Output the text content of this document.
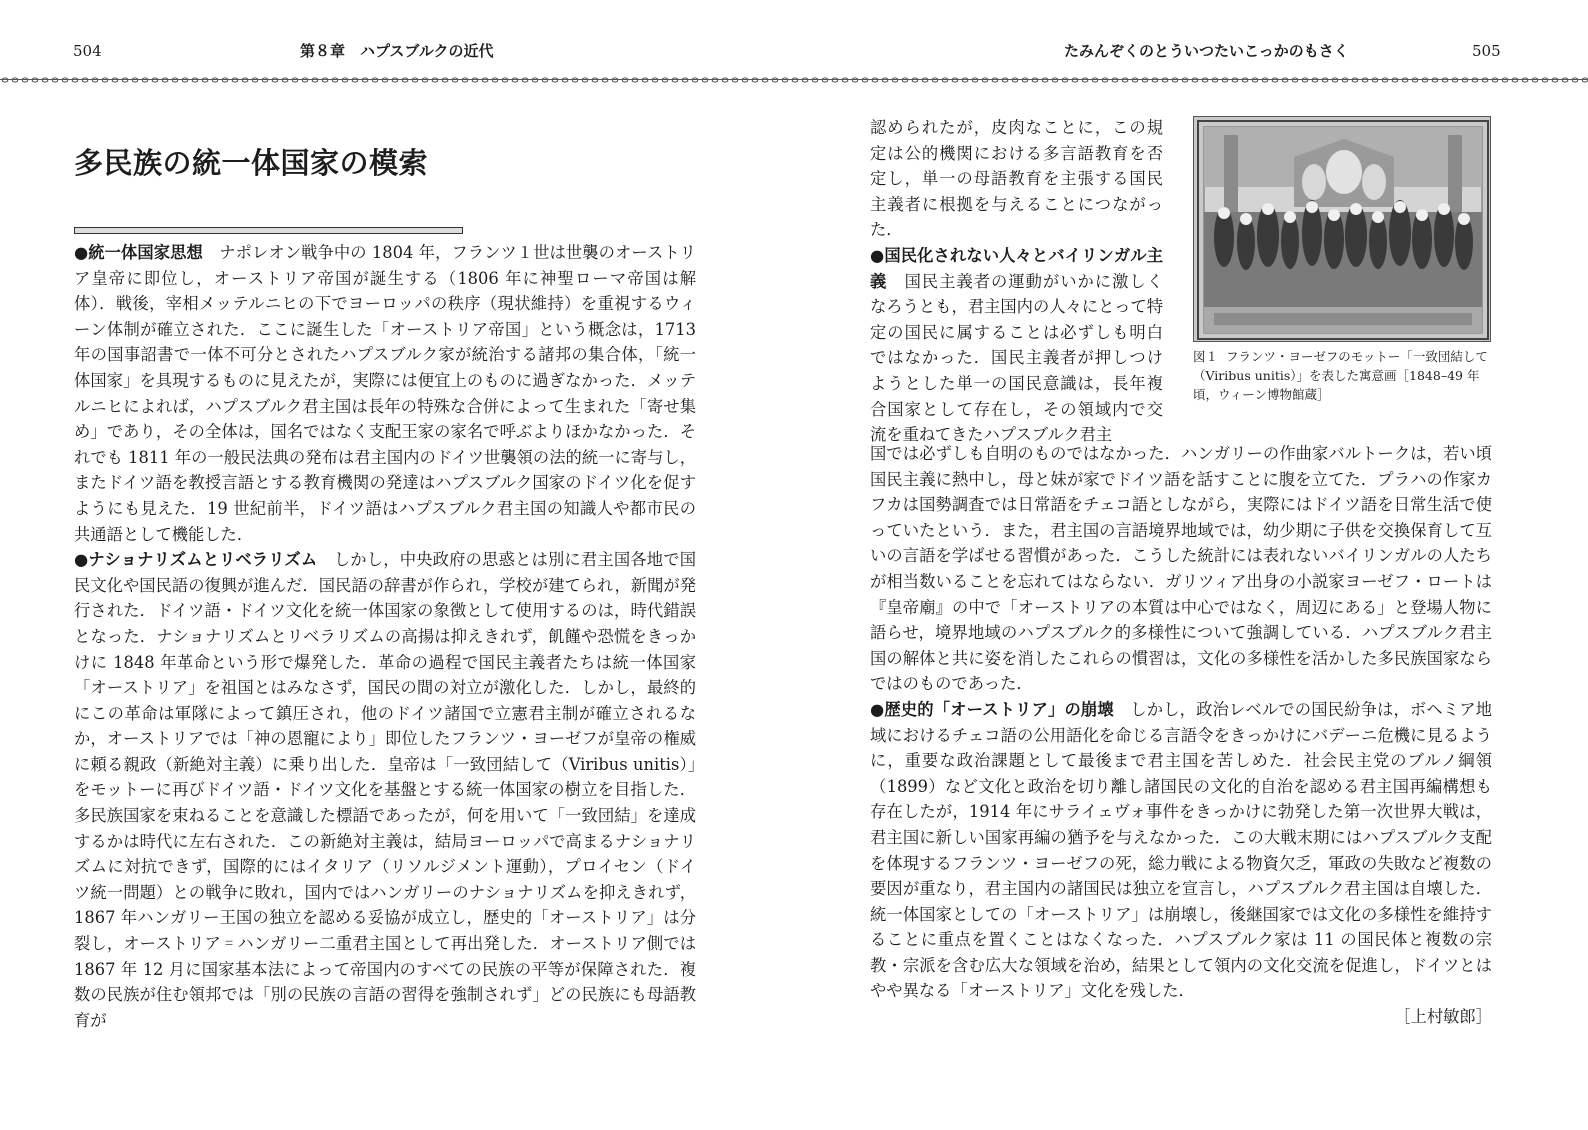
504	第８章　ハプスブルクの近代	たみんぞくのとういつたいこっかのもさく	505
多民族の統一体国家の模索

●統一体国家思想　ナポレオン戦争中の 1804 年，フランツ１世は世襲のオーストリア皇帝に即位し，オーストリア帝国が誕生する（1806 年に神聖ローマ帝国は解体）．戦後，宰相メッテルニヒの下でヨーロッパの秩序（現状維持）を重視するウィーン体制が確立された．ここに誕生した「オーストリア帝国」という概念は，1713 年の国事詔書で一体不可分とされたハプスブルク家が統治する諸邦の集合体，「統一体国家」を具現するものに見えたが，実際には便宜上のものに過ぎなかった．メッテルニヒによれば，ハプスブルク君主国は長年の特殊な合併によって生まれた「寄せ集め」であり，その全体は，国名ではなく支配王家の家名で呼ぶよりほかなかった．それでも 1811 年の一般民法典の発布は君主国内のドイツ世襲領の法的統一に寄与し，またドイツ語を教授言語とする教育機関の発達はハプスブルク国家のドイツ化を促すようにも見えた．19 世紀前半，ドイツ語はハプスブルク君主国の知識人や都市民の共通語として機能した．

●ナショナリズムとリベラリズム　しかし，中央政府の思惑とは別に君主国各地で国民文化や国民語の復興が進んだ．国民語の辞書が作られ，学校が建てられ，新聞が発行された．ドイツ語・ドイツ文化を統一体国家の象徴として使用するのは，時代錯誤となった．ナショナリズムとリベラリズムの高揚は抑えきれず，飢饉や恐慌をきっかけに 1848 年革命という形で爆発した．革命の過程で国民主義者たちは統一体国家「オーストリア」を祖国とはみなさず，国民の間の対立が激化した．しかし，最終的にこの革命は軍隊によって鎮圧され，他のドイツ諸国で立憲君主制が確立されるなか，オーストリアでは「神の恩寵により」即位したフランツ・ヨーゼフが皇帝の権威に頼る親政（新絶対主義）に乗り出した．皇帝は「一致団結して（Viribus unitis）」をモットーに再びドイツ語・ドイツ文化を基盤とする統一体国家の樹立を目指した．多民族国家を束ねることを意識した標語であったが，何を用いて「一致団結」を達成するかは時代に左右された．この新絶対主義は，結局ヨーロッパで高まるナショナリズムに対抗できず，国際的にはイタリア（リソルジメント運動），プロイセン（ドイツ統一問題）との戦争に敗れ，国内ではハンガリーのナショナリズムを抑えきれず，1867 年ハンガリー王国の独立を認める妥協が成立し，歴史的「オーストリア」は分裂し，オーストリア゠ハンガリー二重君主国として再出発した．オーストリア側では 1867 年 12 月に国家基本法によって帝国内のすべての民族の平等が保障された．複数の民族が住む領邦では「別の民族の言語の習得を強制されず」どの民族にも母語教育が

認められたが，皮肉なことに，この規定は公的機関における多言語教育を否定し，単一の母語教育を主張する国民主義者に根拠を与えることにつながった．

●国民化されない人々とバイリンガル主義　国民主義者の運動がいかに激しくなろうとも，君主国内の人々にとって特定の国民に属することは必ずしも明白ではなかった．国民主義者が押しつけようとした単一の国民意識は，長年複合国家として存在し，その領域内で交流を重ねてきたハプスブルク君主

図１ フランツ・ヨーゼフのモットー「一致団結して（Viribus unitis）」を表した寓意画［1848–49 年頃，ウィーン博物館蔵］

国では必ずしも自明のものではなかった．ハンガリーの作曲家バルトークは，若い頃国民主義に熱中し，母と妹が家でドイツ語を話すことに腹を立てた．プラハの作家カフカは国勢調査では日常語をチェコ語としながら，実際にはドイツ語を日常生活で使っていたという．また，君主国の言語境界地域では，幼少期に子供を交換保育して互いの言語を学ばせる習慣があった．こうした統計には表れないバイリンガルの人たちが相当数いることを忘れてはならない．ガリツィア出身の小説家ヨーゼフ・ロートは『皇帝廟』の中で「オーストリアの本質は中心ではなく，周辺にある」と登場人物に語らせ，境界地域のハプスブルク的多様性について強調している．ハプスブルク君主国の解体と共に姿を消したこれらの慣習は，文化の多様性を活かした多民族国家ならではのものであった．

●歴史的「オーストリア」の崩壊　しかし，政治レベルでの国民紛争は，ボヘミア地域におけるチェコ語の公用語化を命じる言語令をきっかけにバデーニ危機に見るように，重要な政治課題として最後まで君主国を苦しめた．社会民主党のブルノ綱領（1899）など文化と政治を切り離し諸国民の文化的自治を認める君主国再編構想も存在したが，1914 年にサライェヴォ事件をきっかけに勃発した第一次世界大戦は，君主国に新しい国家再編の猶予を与えなかった．この大戦末期にはハプスブルク支配を体現するフランツ・ヨーゼフの死，総力戦による物資欠乏，軍政の失敗など複数の要因が重なり，君主国内の諸国民は独立を宣言し，ハプスブルク君主国は自壊した．統一体国家としての「オーストリア」は崩壊し，後継国家では文化の多様性を維持することに重点を置くことはなくなった．ハプスブルク家は 11 の国民体と複数の宗教・宗派を含む広大な領域を治め，結果として領内の文化交流を促進し，ドイツとはやや異なる「オーストリア」文化を残した．

［上村敏郎］
